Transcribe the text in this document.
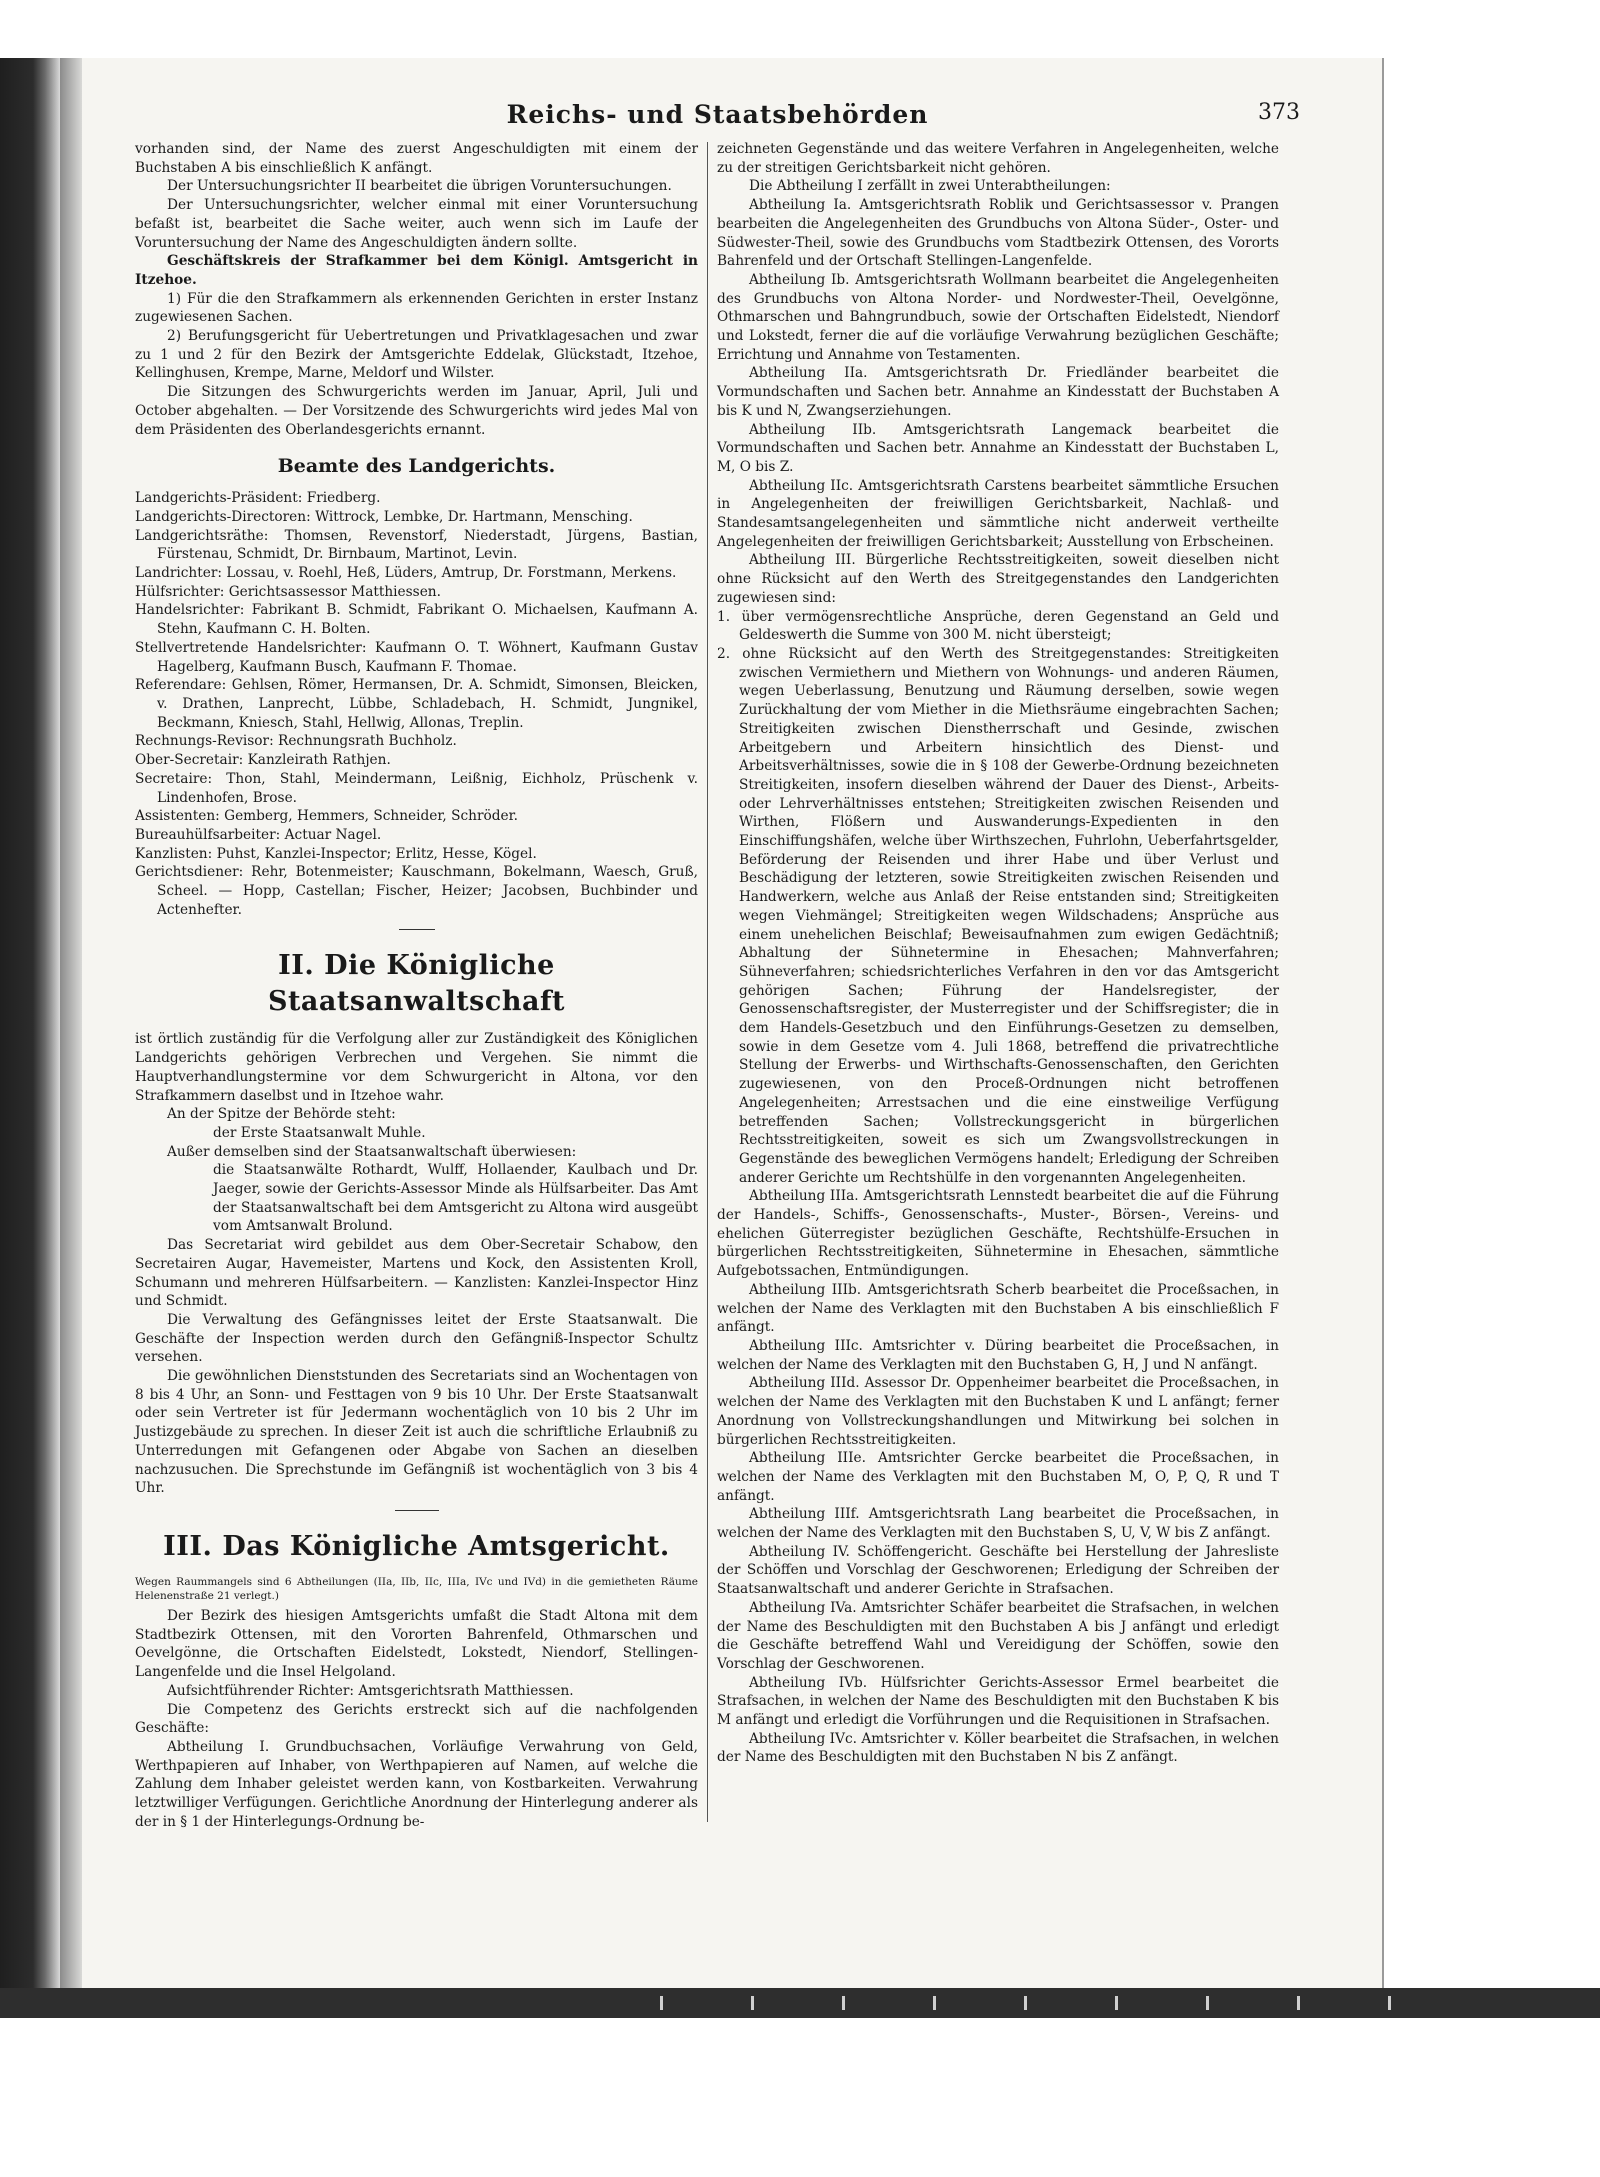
Reichs- und Staatsbehörden	373

vorhanden sind, der Name des zuerst Angeschuldigten mit einem der Buchstaben A bis einschließlich K anfängt.

Der Untersuchungsrichter II bearbeitet die übrigen Voruntersuchungen.

Der Untersuchungsrichter, welcher einmal mit einer Voruntersuchung befaßt ist, bearbeitet die Sache weiter, auch wenn sich im Laufe der Voruntersuchung der Name des Angeschuldigten ändern sollte.

Geschäftskreis der Strafkammer bei dem Königl. Amtsgericht in Itzehoe.

1) Für die den Strafkammern als erkennenden Gerichten in erster Instanz zugewiesenen Sachen.

2) Berufungsgericht für Uebertretungen und Privatklagesachen und zwar zu 1 und 2 für den Bezirk der Amtsgerichte Eddelak, Glückstadt, Itzehoe, Kellinghusen, Krempe, Marne, Meldorf und Wilster.

Die Sitzungen des Schwurgerichts werden im Januar, April, Juli und October abgehalten. — Der Vorsitzende des Schwurgerichts wird jedes Mal von dem Präsidenten des Oberlandesgerichts ernannt.

Beamte des Landgerichts.

Landgerichts-Präsident: Friedberg.

Landgerichts-Directoren: Wittrock, Lembke, Dr. Hartmann, Mensching.

Landgerichtsräthe: Thomsen, Revenstorf, Niederstadt, Jürgens, Bastian, Fürstenau, Schmidt, Dr. Birnbaum, Martinot, Levin.

Landrichter: Lossau, v. Roehl, Heß, Lüders, Amtrup, Dr. Forstmann, Merkens.

Hülfsrichter: Gerichtsassessor Matthiessen.

Handelsrichter: Fabrikant B. Schmidt, Fabrikant O. Michaelsen, Kaufmann A. Stehn, Kaufmann C. H. Bolten.

Stellvertretende Handelsrichter: Kaufmann O. T. Wöhnert, Kaufmann Gustav Hagelberg, Kaufmann Busch, Kaufmann F. Thomae.

Referendare: Gehlsen, Römer, Hermansen, Dr. A. Schmidt, Simonsen, Bleicken, v. Drathen, Lanprecht, Lübbe, Schladebach, H. Schmidt, Jungnikel, Beckmann, Kniesch, Stahl, Hellwig, Allonas, Treplin.

Rechnungs-Revisor: Rechnungsrath Buchholz.

Ober-Secretair: Kanzleirath Rathjen.

Secretaire: Thon, Stahl, Meindermann, Leißnig, Eichholz, Prüschenk v. Lindenhofen, Brose.

Assistenten: Gemberg, Hemmers, Schneider, Schröder.

Bureauhülfsarbeiter: Actuar Nagel.

Kanzlisten: Puhst, Kanzlei-Inspector; Erlitz, Hesse, Kögel.

Gerichtsdiener: Rehr, Botenmeister; Kauschmann, Bokelmann, Waesch, Gruß, Scheel. — Hopp, Castellan; Fischer, Heizer; Jacobsen, Buchbinder und Actenhefter.

II. Die Königliche Staatsanwaltschaft

ist örtlich zuständig für die Verfolgung aller zur Zuständigkeit des Königlichen Landgerichts gehörigen Verbrechen und Vergehen. Sie nimmt die Hauptverhandlungstermine vor dem Schwurgericht in Altona, vor den Strafkammern daselbst und in Itzehoe wahr.

An der Spitze der Behörde steht:

der Erste Staatsanwalt Muhle.

Außer demselben sind der Staatsanwaltschaft überwiesen:

die Staatsanwälte Rothardt, Wulff, Hollaender, Kaulbach und Dr. Jaeger, sowie der Gerichts-Assessor Minde als Hülfsarbeiter. Das Amt der Staatsanwaltschaft bei dem Amtsgericht zu Altona wird ausgeübt vom Amtsanwalt Brolund.

Das Secretariat wird gebildet aus dem Ober-Secretair Schabow, den Secretairen Augar, Havemeister, Martens und Kock, den Assistenten Kroll, Schumann und mehreren Hülfsarbeitern. — Kanzlisten: Kanzlei-Inspector Hinz und Schmidt.

Die Verwaltung des Gefängnisses leitet der Erste Staatsanwalt. Die Geschäfte der Inspection werden durch den Gefängniß-Inspector Schultz versehen.

Die gewöhnlichen Dienststunden des Secretariats sind an Wochentagen von 8 bis 4 Uhr, an Sonn- und Festtagen von 9 bis 10 Uhr. Der Erste Staatsanwalt oder sein Vertreter ist für Jedermann wochentäglich von 10 bis 2 Uhr im Justizgebäude zu sprechen. In dieser Zeit ist auch die schriftliche Erlaubniß zu Unterredungen mit Gefangenen oder Abgabe von Sachen an dieselben nachzusuchen. Die Sprechstunde im Gefängniß ist wochentäglich von 3 bis 4 Uhr.

III. Das Königliche Amtsgericht.

Wegen Raummangels sind 6 Abtheilungen (IIa, IIb, IIc, IIIa, IVc und IVd) in die gemietheten Räume Helenenstraße 21 verlegt.)

Der Bezirk des hiesigen Amtsgerichts umfaßt die Stadt Altona mit dem Stadtbezirk Ottensen, mit den Vororten Bahrenfeld, Othmarschen und Oevelgönne, die Ortschaften Eidelstedt, Lokstedt, Niendorf, Stellingen-Langenfelde und die Insel Helgoland.

Aufsichtführender Richter: Amtsgerichtsrath Matthiessen.

Die Competenz des Gerichts erstreckt sich auf die nachfolgenden Geschäfte:

Abtheilung I. Grundbuchsachen, Vorläufige Verwahrung von Geld, Werthpapieren auf Inhaber, von Werthpapieren auf Namen, auf welche die Zahlung dem Inhaber geleistet werden kann, von Kostbarkeiten. Verwahrung letztwilliger Verfügungen. Gerichtliche Anordnung der Hinterlegung anderer als der in § 1 der Hinterlegungs-Ordnung be-

zeichneten Gegenstände und das weitere Verfahren in Angelegenheiten, welche zu der streitigen Gerichtsbarkeit nicht gehören.

Die Abtheilung I zerfällt in zwei Unterabtheilungen:

Abtheilung Ia. Amtsgerichtsrath Roblik und Gerichtsassessor v. Prangen bearbeiten die Angelegenheiten des Grundbuchs von Altona Süder-, Oster- und Südwester-Theil, sowie des Grundbuchs vom Stadtbezirk Ottensen, des Vororts Bahrenfeld und der Ortschaft Stellingen-Langenfelde.

Abtheilung Ib. Amtsgerichtsrath Wollmann bearbeitet die Angelegenheiten des Grundbuchs von Altona Norder- und Nordwester-Theil, Oevelgönne, Othmarschen und Bahngrundbuch, sowie der Ortschaften Eidelstedt, Niendorf und Lokstedt, ferner die auf die vorläufige Verwahrung bezüglichen Geschäfte; Errichtung und Annahme von Testamenten.

Abtheilung IIa. Amtsgerichtsrath Dr. Friedländer bearbeitet die Vormundschaften und Sachen betr. Annahme an Kindesstatt der Buchstaben A bis K und N, Zwangserziehungen.

Abtheilung IIb. Amtsgerichtsrath Langemack bearbeitet die Vormundschaften und Sachen betr. Annahme an Kindesstatt der Buchstaben L, M, O bis Z.

Abtheilung IIc. Amtsgerichtsrath Carstens bearbeitet sämmtliche Ersuchen in Angelegenheiten der freiwilligen Gerichtsbarkeit, Nachlaß- und Standesamtsangelegenheiten und sämmtliche nicht anderweit vertheilte Angelegenheiten der freiwilligen Gerichtsbarkeit; Ausstellung von Erbscheinen.

Abtheilung III. Bürgerliche Rechtsstreitigkeiten, soweit dieselben nicht ohne Rücksicht auf den Werth des Streitgegenstandes den Landgerichten zugewiesen sind:

1. über vermögensrechtliche Ansprüche, deren Gegenstand an Geld und Geldeswerth die Summe von 300 M. nicht übersteigt;

2. ohne Rücksicht auf den Werth des Streitgegenstandes: Streitigkeiten zwischen Vermiethern und Miethern von Wohnungs- und anderen Räumen, wegen Ueberlassung, Benutzung und Räumung derselben, sowie wegen Zurückhaltung der vom Miether in die Miethsräume eingebrachten Sachen; Streitigkeiten zwischen Dienstherrschaft und Gesinde, zwischen Arbeitgebern und Arbeitern hinsichtlich des Dienst- und Arbeitsverhältnisses, sowie die in § 108 der Gewerbe-Ordnung bezeichneten Streitigkeiten, insofern dieselben während der Dauer des Dienst-, Arbeits- oder Lehrverhältnisses entstehen; Streitigkeiten zwischen Reisenden und Wirthen, Flößern und Auswanderungs-Expedienten in den Einschiffungshäfen, welche über Wirthszechen, Fuhrlohn, Ueberfahrtsgelder, Beförderung der Reisenden und ihrer Habe und über Verlust und Beschädigung der letzteren, sowie Streitigkeiten zwischen Reisenden und Handwerkern, welche aus Anlaß der Reise entstanden sind; Streitigkeiten wegen Viehmängel; Streitigkeiten wegen Wildschadens; Ansprüche aus einem unehelichen Beischlaf; Beweisaufnahmen zum ewigen Gedächtniß; Abhaltung der Sühnetermine in Ehesachen; Mahnverfahren; Sühneverfahren; schiedsrichterliches Verfahren in den vor das Amtsgericht gehörigen Sachen; Führung der Handelsregister, der Genossenschaftsregister, der Musterregister und der Schiffsregister; die in dem Handels-Gesetzbuch und den Einführungs-Gesetzen zu demselben, sowie in dem Gesetze vom 4. Juli 1868, betreffend die privatrechtliche Stellung der Erwerbs- und Wirthschafts-Genossenschaften, den Gerichten zugewiesenen, von den Proceß-Ordnungen nicht betroffenen Angelegenheiten; Arrestsachen und die eine einstweilige Verfügung betreffenden Sachen; Vollstreckungsgericht in bürgerlichen Rechtsstreitigkeiten, soweit es sich um Zwangsvollstreckungen in Gegenstände des beweglichen Vermögens handelt; Erledigung der Schreiben anderer Gerichte um Rechtshülfe in den vorgenannten Angelegenheiten.

Abtheilung IIIa. Amtsgerichtsrath Lennstedt bearbeitet die auf die Führung der Handels-, Schiffs-, Genossenschafts-, Muster-, Börsen-, Vereins- und ehelichen Güterregister bezüglichen Geschäfte, Rechtshülfe-Ersuchen in bürgerlichen Rechtsstreitigkeiten, Sühnetermine in Ehesachen, sämmtliche Aufgebotssachen, Entmündigungen.

Abtheilung IIIb. Amtsgerichtsrath Scherb bearbeitet die Proceßsachen, in welchen der Name des Verklagten mit den Buchstaben A bis einschließlich F anfängt.

Abtheilung IIIc. Amtsrichter v. Düring bearbeitet die Proceßsachen, in welchen der Name des Verklagten mit den Buchstaben G, H, J und N anfängt.

Abtheilung IIId. Assessor Dr. Oppenheimer bearbeitet die Proceßsachen, in welchen der Name des Verklagten mit den Buchstaben K und L anfängt; ferner Anordnung von Vollstreckungshandlungen und Mitwirkung bei solchen in bürgerlichen Rechtsstreitigkeiten.

Abtheilung IIIe. Amtsrichter Gercke bearbeitet die Proceßsachen, in welchen der Name des Verklagten mit den Buchstaben M, O, P, Q, R und T anfängt.

Abtheilung IIIf. Amtsgerichtsrath Lang bearbeitet die Proceßsachen, in welchen der Name des Verklagten mit den Buchstaben S, U, V, W bis Z anfängt.

Abtheilung IV. Schöffengericht. Geschäfte bei Herstellung der Jahresliste der Schöffen und Vorschlag der Geschworenen; Erledigung der Schreiben der Staatsanwaltschaft und anderer Gerichte in Strafsachen.

Abtheilung IVa. Amtsrichter Schäfer bearbeitet die Strafsachen, in welchen der Name des Beschuldigten mit den Buchstaben A bis J anfängt und erledigt die Geschäfte betreffend Wahl und Vereidigung der Schöffen, sowie den Vorschlag der Geschworenen.

Abtheilung IVb. Hülfsrichter Gerichts-Assessor Ermel bearbeitet die Strafsachen, in welchen der Name des Beschuldigten mit den Buchstaben K bis M anfängt und erledigt die Vorführungen und die Requisitionen in Strafsachen.

Abtheilung IVc. Amtsrichter v. Köller bearbeitet die Strafsachen, in welchen der Name des Beschuldigten mit den Buchstaben N bis Z anfängt.
